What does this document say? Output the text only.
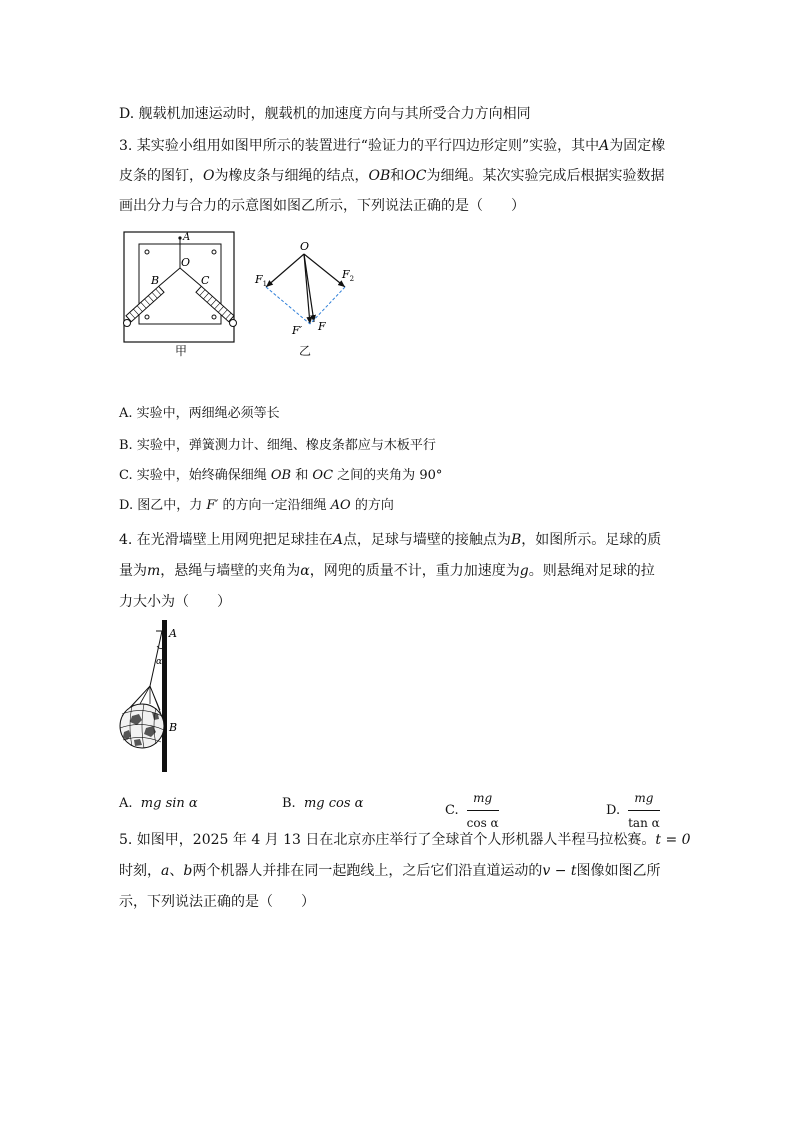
D. 舰载机加速运动时，舰载机的加速度方向与其所受合力方向相同
3. 某实验小组用如图甲所示的装置进行“验证力的平行四边形定则”实验，其中A为固定橡
皮条的图钉，O为橡皮条与细绳的结点，OB和OC为细绳。某次实验完成后根据实验数据
画出分力与合力的示意图如图乙所示，下列说法正确的是（　　）
A
O
B	C
甲
O
$F_1$
$F_2$
F′ F
乙
A. 实验中，两细绳必须等长
B. 实验中，弹簧测力计、细绳、橡皮条都应与木板平行
C. 实验中，始终确保细绳 OB 和 OC 之间的夹角为 90°
D. 图乙中，力 F′ 的方向一定沿细绳 AO 的方向
4. 在光滑墙壁上用网兜把足球挂在A点，足球与墙壁的接触点为B，如图所示。足球的质
量为m，悬绳与墙壁的夹角为α，网兜的质量不计，重力加速度为g。则悬绳对足球的拉
力大小为（　　）
A
α
B
A. mg sin α	B. mg cos α	C. $\frac{mg}{\text{cos α}}$	D. $\frac{mg}{\text{tan α}}$
5. 如图甲，2025 年 4 月 13 日在北京亦庄举行了全球首个人形机器人半程马拉松赛。t = 0
时刻，a、b两个机器人并排在同一起跑线上，之后它们沿直道运动的v − t图像如图乙所
示，下列说法正确的是（　　）
